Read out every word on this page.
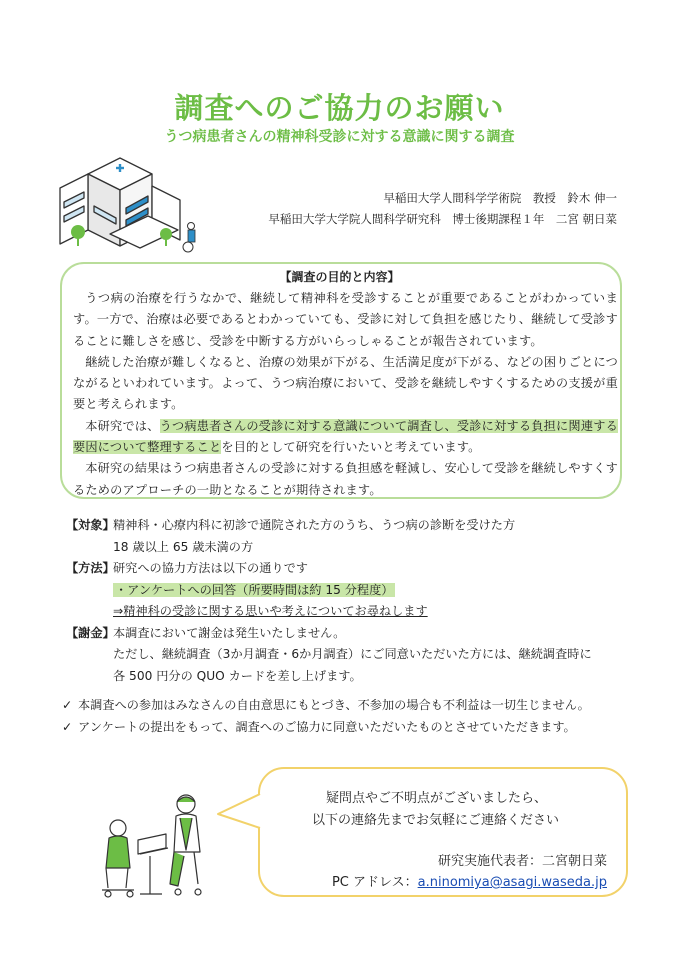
調査へのご協力のお願い
うつ病患者さんの精神科受診に対する意識に関する調査
早稲田大学人間科学学術院　教授　鈴木 伸一
早稲田大学大学院人間科学研究科　博士後期課程１年　二宮 朝日菜
【調査の目的と内容】

うつ病の治療を行うなかで、継続して精神科を受診することが重要であることがわかっています。一方で、治療は必要であるとわかっていても、受診に対して負担を感じたり、継続して受診することに難しさを感じ、受診を中断する方がいらっしゃることが報告されています。

継続した治療が難しくなると、治療の効果が下がる、生活満足度が下がる、などの困りごとにつながるといわれています。よって、うつ病治療において、受診を継続しやすくするための支援が重要と考えられます。

本研究では、うつ病患者さんの受診に対する意識について調査し、受診に対する負担に関連する要因について整理することを目的として研究を行いたいと考えています。

本研究の結果はうつ病患者さんの受診に対する負担感を軽減し、安心して受診を継続しやすくするためのアプローチの一助となることが期待されます。

【対象】
精神科・心療内科に初診で通院された方のうち、うつ病の診断を受けた方
18 歳以上 65 歳未満の方
【方法】
研究への協力方法は以下の通りです
・アンケートへの回答（所要時間は約 15 分程度）
⇒精神科の受診に関する思いや考えについてお尋ねします
【謝金】
本調査において謝金は発生いたしません。
ただし、継続調査（3か月調査・6か月調査）にご同意いただいた方には、継続調査時に
各 500 円分の QUO カードを差し上げます。
✓ 本調査への参加はみなさんの自由意思にもとづき、不参加の場合も不利益は一切生じません。
✓ アンケートの提出をもって、調査へのご協力に同意いただいたものとさせていただきます。
疑問点やご不明点がございましたら、
以下の連絡先までお気軽にご連絡ください
研究実施代表者：二宮朝日菜
PC アドレス：a.ninomiya@asagi.waseda.jp
